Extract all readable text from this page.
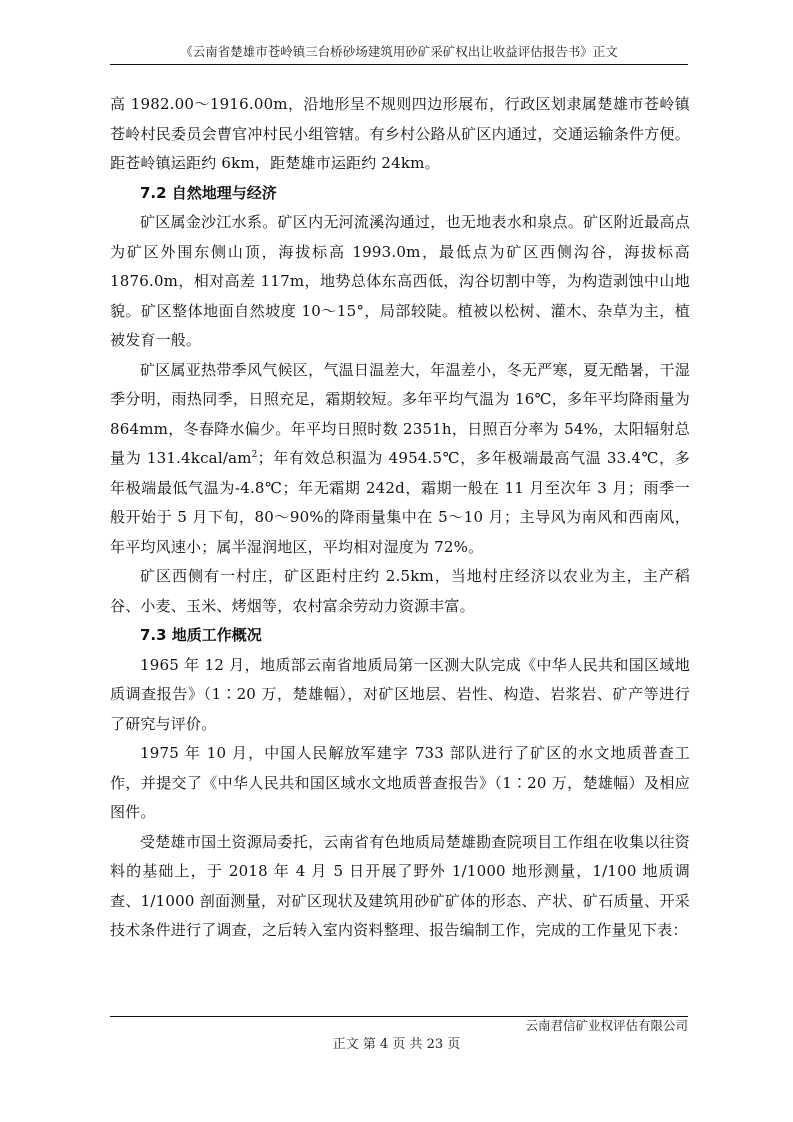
《云南省楚雄市苍岭镇三台桥砂场建筑用砂矿采矿权出让收益评估报告书》正文

高 1982.00～1916.00m，沿地形呈不规则四边形展布，行政区划隶属楚雄市苍岭镇苍岭村民委员会曹官冲村民小组管辖。有乡村公路从矿区内通过，交通运输条件方便。距苍岭镇运距约 6km，距楚雄市运距约 24km。

7.2 自然地理与经济

矿区属金沙江水系。矿区内无河流溪沟通过，也无地表水和泉点。矿区附近最高点为矿区外围东侧山顶，海拔标高 1993.0m，最低点为矿区西侧沟谷，海拔标高 1876.0m，相对高差 117m，地势总体东高西低，沟谷切割中等，为构造剥蚀中山地貌。矿区整体地面自然坡度 10～15°，局部较陡。植被以松树、灌木、杂草为主，植被发育一般。

矿区属亚热带季风气候区，气温日温差大，年温差小，冬无严寒，夏无酷暑，干湿季分明，雨热同季，日照充足，霜期较短。多年平均气温为 16℃，多年平均降雨量为 864mm，冬春降水偏少。年平均日照时数 2351h，日照百分率为 54%，太阳辐射总量为 $131.4kcal/am^2$；年有效总积温为 4954.5℃，多年极端最高气温 33.4℃，多年极端最低气温为-4.8℃；年无霜期 242d，霜期一般在 11 月至次年 3 月；雨季一般开始于 5 月下旬，80～90%的降雨量集中在 5～10 月；主导风为南风和西南风，年平均风速小；属半湿润地区，平均相对湿度为 72%。

矿区西侧有一村庄，矿区距村庄约 2.5km，当地村庄经济以农业为主，主产稻谷、小麦、玉米、烤烟等，农村富余劳动力资源丰富。

7.3 地质工作概况

1965 年 12 月，地质部云南省地质局第一区测大队完成《中华人民共和国区域地质调查报告》（1∶20 万，楚雄幅），对矿区地层、岩性、构造、岩浆岩、矿产等进行了研究与评价。

1975 年 10 月，中国人民解放军建字 733 部队进行了矿区的水文地质普查工作，并提交了《中华人民共和国区域水文地质普查报告》（1∶20 万，楚雄幅）及相应图件。

受楚雄市国土资源局委托，云南省有色地质局楚雄勘查院项目工作组在收集以往资料的基础上，于 2018 年 4 月 5 日开展了野外 1/1000 地形测量，1/100 地质调查、1/1000 剖面测量，对矿区现状及建筑用砂矿矿体的形态、产状、矿石质量、开采技术条件进行了调查，之后转入室内资料整理、报告编制工作，完成的工作量见下表：

云南君信矿业权评估有限公司
正文 第 4 页 共 23 页
